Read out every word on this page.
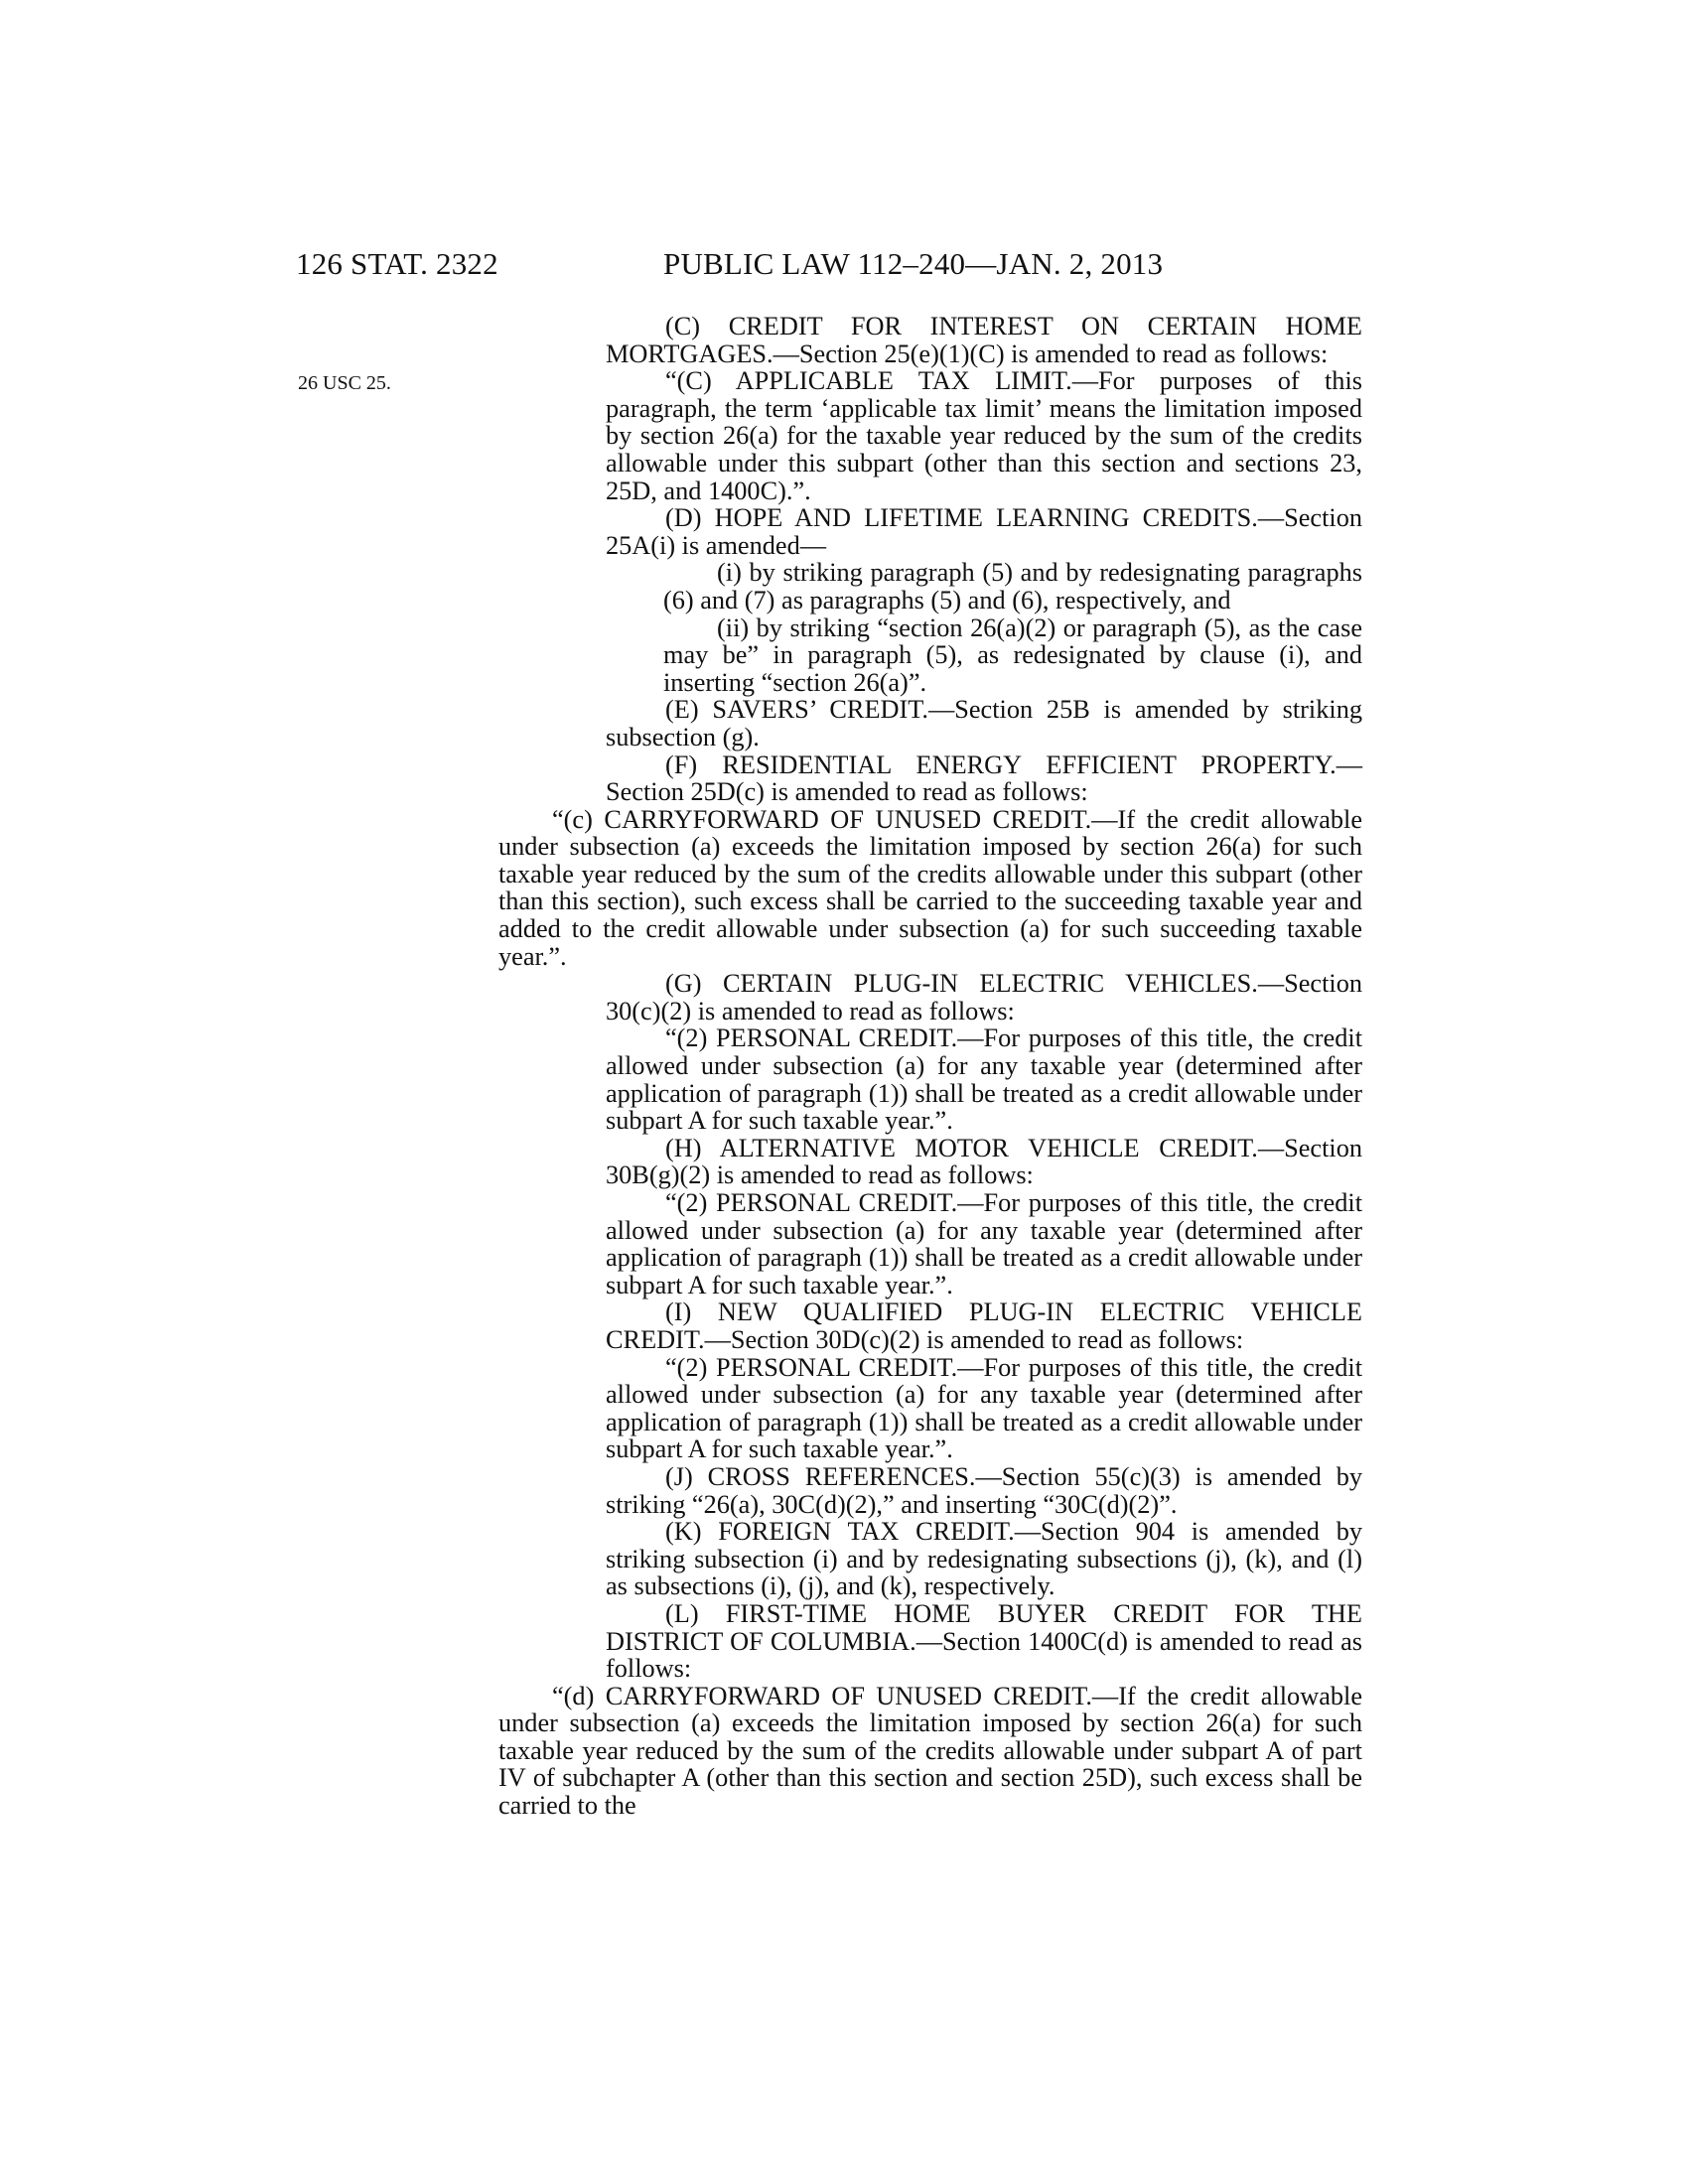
126 STAT. 2322	PUBLIC LAW 112–240—JAN. 2, 2013
26 USC 25.

(C) CREDIT FOR INTEREST ON CERTAIN HOME MORTGAGES.—Section 25(e)(1)(C) is amended to read as follows:

“(C) APPLICABLE TAX LIMIT.—For purposes of this paragraph, the term ‘applicable tax limit’ means the limitation imposed by section 26(a) for the taxable year reduced by the sum of the credits allowable under this subpart (other than this section and sections 23, 25D, and 1400C).”.

(D) HOPE AND LIFETIME LEARNING CREDITS.—Section 25A(i) is amended—

(i) by striking paragraph (5) and by redesignating paragraphs (6) and (7) as paragraphs (5) and (6), respectively, and

(ii) by striking “section 26(a)(2) or paragraph (5), as the case may be” in paragraph (5), as redesignated by clause (i), and inserting “section 26(a)”.

(E) SAVERS’ CREDIT.—Section 25B is amended by striking subsection (g).

(F) RESIDENTIAL ENERGY EFFICIENT PROPERTY.—Section 25D(c) is amended to read as follows:

“(c) CARRYFORWARD OF UNUSED CREDIT.—If the credit allowable under subsection (a) exceeds the limitation imposed by section 26(a) for such taxable year reduced by the sum of the credits allowable under this subpart (other than this section), such excess shall be carried to the succeeding taxable year and added to the credit allowable under subsection (a) for such succeeding taxable year.”.

(G) CERTAIN PLUG-IN ELECTRIC VEHICLES.—Section 30(c)(2) is amended to read as follows:

“(2) PERSONAL CREDIT.—For purposes of this title, the credit allowed under subsection (a) for any taxable year (determined after application of paragraph (1)) shall be treated as a credit allowable under subpart A for such taxable year.”.

(H) ALTERNATIVE MOTOR VEHICLE CREDIT.—Section 30B(g)(2) is amended to read as follows:

“(2) PERSONAL CREDIT.—For purposes of this title, the credit allowed under subsection (a) for any taxable year (determined after application of paragraph (1)) shall be treated as a credit allowable under subpart A for such taxable year.”.

(I) NEW QUALIFIED PLUG-IN ELECTRIC VEHICLE CREDIT.—Section 30D(c)(2) is amended to read as follows:

“(2) PERSONAL CREDIT.—For purposes of this title, the credit allowed under subsection (a) for any taxable year (determined after application of paragraph (1)) shall be treated as a credit allowable under subpart A for such taxable year.”.

(J) CROSS REFERENCES.—Section 55(c)(3) is amended by striking “26(a), 30C(d)(2),” and inserting “30C(d)(2)”.

(K) FOREIGN TAX CREDIT.—Section 904 is amended by striking subsection (i) and by redesignating subsections (j), (k), and (l) as subsections (i), (j), and (k), respectively.

(L) FIRST-TIME HOME BUYER CREDIT FOR THE DISTRICT OF COLUMBIA.—Section 1400C(d) is amended to read as follows:

“(d) CARRYFORWARD OF UNUSED CREDIT.—If the credit allowable under subsection (a) exceeds the limitation imposed by section 26(a) for such taxable year reduced by the sum of the credits allowable under subpart A of part IV of subchapter A (other than this section and section 25D), such excess shall be carried to the
